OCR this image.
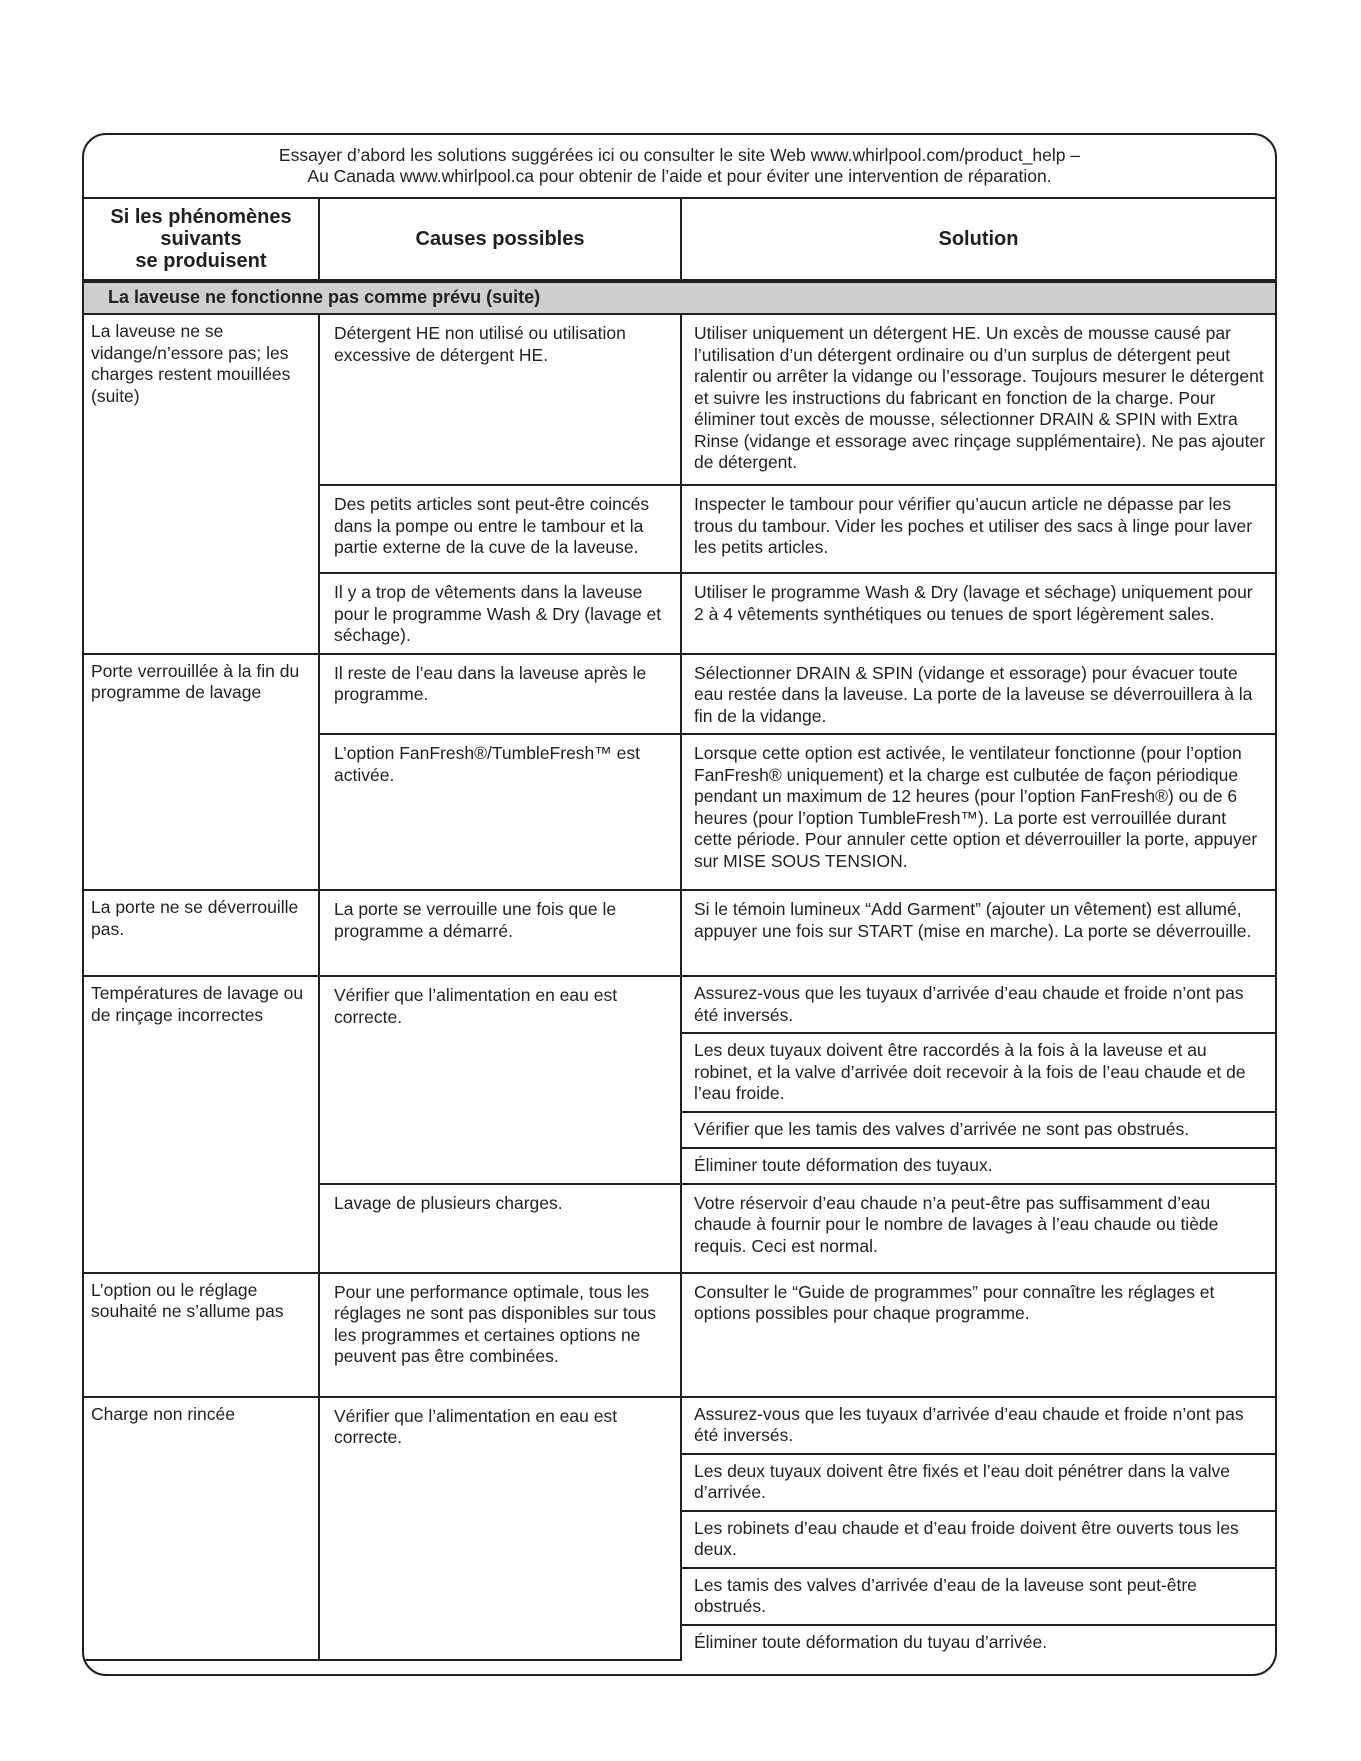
Essayer d’abord les solutions suggérées ici ou consulter le site Web www.whirlpool.com/product_help –
Au Canada www.whirlpool.ca pour obtenir de l’aide et pour éviter une intervention de réparation.
Si les phénomènes
suivants
se produisent	Causes possibles	Solution
La laveuse ne fonctionne pas comme prévu (suite)		
La laveuse ne se vidange/n’essore pas; les charges restent mouillées (suite)	Détergent HE non utilisé ou utilisation excessive de détergent HE.	Utiliser uniquement un détergent HE. Un excès de mousse causé par l’utilisation d’un détergent ordinaire ou d’un surplus de détergent peut ralentir ou arrêter la vidange ou l’essorage. Toujours mesurer le détergent et suivre les instructions du fabricant en fonction de la charge. Pour éliminer tout excès de mousse, sélectionner DRAIN & SPIN with Extra Rinse (vidange et essorage avec rinçage supplémentaire). Ne pas ajouter de détergent.
	Des petits articles sont peut-être coincés dans la pompe ou entre le tambour et la partie externe de la cuve de la laveuse.	Inspecter le tambour pour vérifier qu’aucun article ne dépasse par les trous du tambour. Vider les poches et utiliser des sacs à linge pour laver les petits articles.
	Il y a trop de vêtements dans la laveuse pour le programme Wash & Dry (lavage et séchage).	Utiliser le programme Wash & Dry (lavage et séchage) uniquement pour 2 à 4 vêtements synthétiques ou tenues de sport légèrement sales.
Porte verrouillée à la fin du programme de lavage	Il reste de l’eau dans la laveuse après le programme.	Sélectionner DRAIN & SPIN (vidange et essorage) pour évacuer toute eau restée dans la laveuse. La porte de la laveuse se déverrouillera à la fin de la vidange.
	L’option FanFresh®/TumbleFresh™ est activée.	Lorsque cette option est activée, le ventilateur fonctionne (pour l’option FanFresh® uniquement) et la charge est culbutée de façon périodique pendant un maximum de 12 heures (pour l’option FanFresh®) ou de 6 heures (pour l’option TumbleFresh™). La porte est verrouillée durant cette période. Pour annuler cette option et déverrouiller la porte, appuyer sur MISE SOUS TENSION.
La porte ne se déverrouille pas.	La porte se verrouille une fois que le programme a démarré.	Si le témoin lumineux “Add Garment” (ajouter un vêtement) est allumé, appuyer une fois sur START (mise en marche). La porte se déverrouille.
Températures de lavage ou de rinçage incorrectes	Vérifier que l’alimentation en eau est correcte.	Assurez-vous que les tuyaux d’arrivée d’eau chaude et froide n’ont pas été inversés.
		Les deux tuyaux doivent être raccordés à la fois à la laveuse et au robinet, et la valve d’arrivée doit recevoir à la fois de l’eau chaude et de l’eau froide.
		Vérifier que les tamis des valves d’arrivée ne sont pas obstrués.
		Éliminer toute déformation des tuyaux.
	Lavage de plusieurs charges.	Votre réservoir d’eau chaude n’a peut-être pas suffisamment d’eau chaude à fournir pour le nombre de lavages à l’eau chaude ou tiède requis. Ceci est normal.
L’option ou le réglage souhaité ne s’allume pas	Pour une performance optimale, tous les réglages ne sont pas disponibles sur tous les programmes et certaines options ne peuvent pas être combinées.	Consulter le “Guide de programmes” pour connaître les réglages et options possibles pour chaque programme.
Charge non rincée	Vérifier que l’alimentation en eau est correcte.	Assurez-vous que les tuyaux d’arrivée d’eau chaude et froide n’ont pas été inversés.
		Les deux tuyaux doivent être fixés et l’eau doit pénétrer dans la valve d’arrivée.
		Les robinets d’eau chaude et d’eau froide doivent être ouverts tous les deux.
		Les tamis des valves d’arrivée d’eau de la laveuse sont peut-être obstrués.
		Éliminer toute déformation du tuyau d’arrivée.
